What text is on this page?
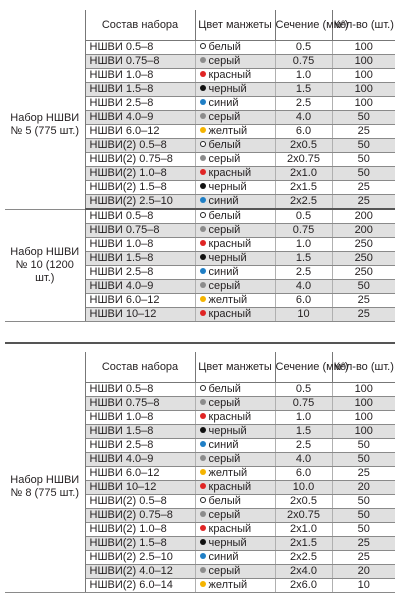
	Состав набора	Цвет манжеты	Сечение (мм²)	Кол-во (шт.)
Набор НШВИ № 5 (775 шт.)	НШВИ 0.5–8	белый	0.5	100
	НШВИ 0.75–8	серый	0.75	100
	НШВИ 1.0–8	красный	1.0	100
	НШВИ 1.5–8	черный	1.5	100
	НШВИ 2.5–8	синий	2.5	100
	НШВИ 4.0–9	серый	4.0	50
	НШВИ 6.0–12	желтый	6.0	25
	НШВИ(2) 0.5–8	белый	2x0.5	50
	НШВИ(2) 0.75–8	серый	2x0.75	50
	НШВИ(2) 1.0–8	красный	2x1.0	50
	НШВИ(2) 1.5–8	черный	2x1.5	25
	НШВИ(2) 2.5–10	синий	2x2.5	25
Набор НШВИ № 10 (1200 шт.)	НШВИ 0.5–8	белый	0.5	200
	НШВИ 0.75–8	серый	0.75	200
	НШВИ 1.0–8	красный	1.0	250
	НШВИ 1.5–8	черный	1.5	250
	НШВИ 2.5–8	синий	2.5	250
	НШВИ 4.0–9	серый	4.0	50
	НШВИ 6.0–12	желтый	6.0	25
	НШВИ 10–12	красный	10	25
	Состав набора	Цвет манжеты	Сечение (мм²)	Кол-во (шт.)
Набор НШВИ № 8 (775 шт.)	НШВИ 0.5–8	белый	0.5	100
	НШВИ 0.75–8	серый	0.75	100
	НШВИ 1.0–8	красный	1.0	100
	НШВИ 1.5–8	черный	1.5	100
	НШВИ 2.5–8	синий	2.5	50
	НШВИ 4.0–9	серый	4.0	50
	НШВИ 6.0–12	желтый	6.0	25
	НШВИ 10–12	красный	10.0	20
	НШВИ(2) 0.5–8	белый	2x0.5	50
	НШВИ(2) 0.75–8	серый	2x0.75	50
	НШВИ(2) 1.0–8	красный	2x1.0	50
	НШВИ(2) 1.5–8	черный	2x1.5	25
	НШВИ(2) 2.5–10	синий	2x2.5	25
	НШВИ(2) 4.0–12	серый	2x4.0	20
	НШВИ(2) 6.0–14	желтый	2x6.0	10
